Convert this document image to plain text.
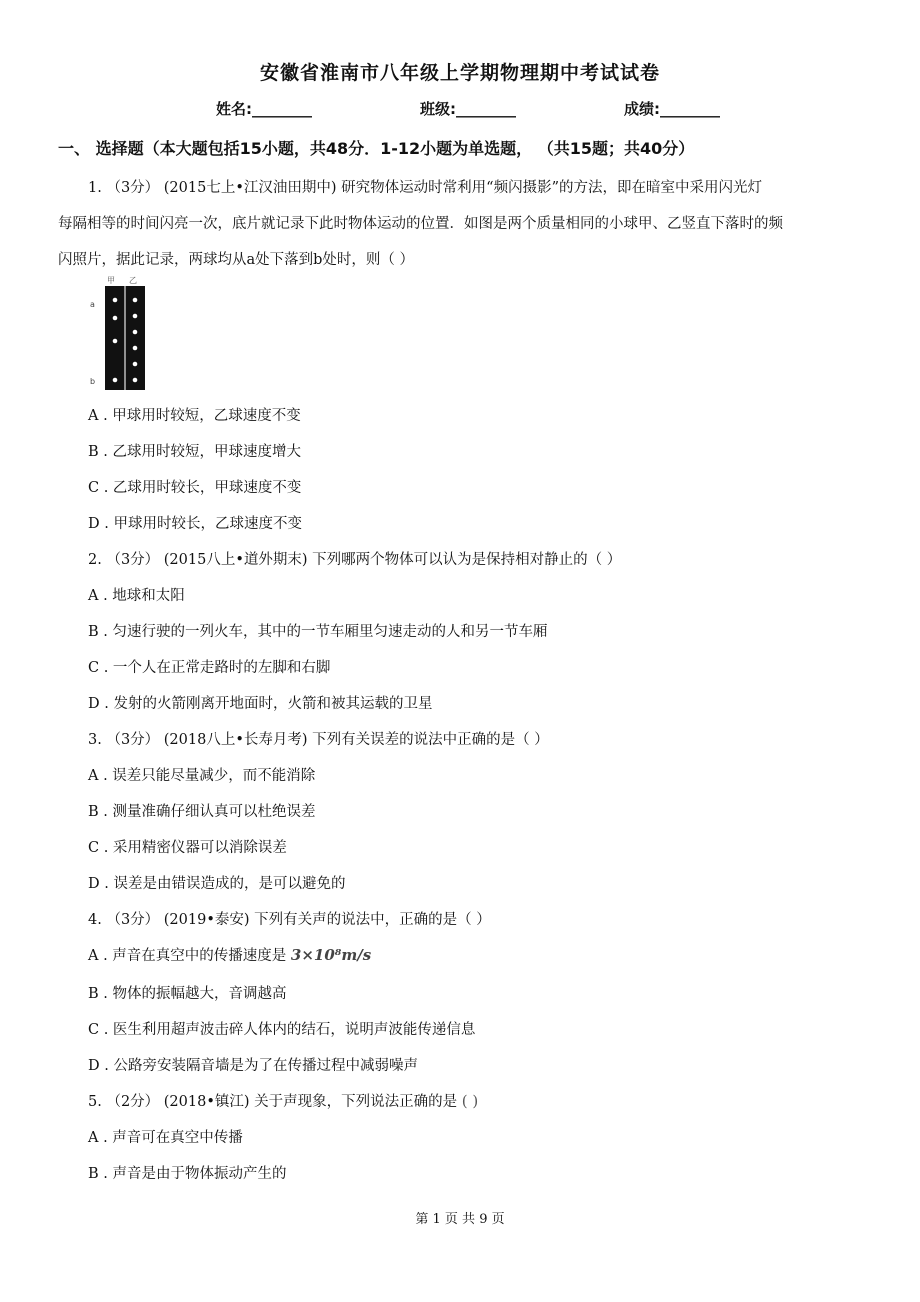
安徽省淮南市八年级上学期物理期中考试试卷
姓名:________	班级:________	成绩:________
一、 选择题（本大题包括15小题，共48分．1-12小题为单选题， （共15题；共40分）
1. （3分） (2015七上•江汉油田期中) 研究物体运动时常利用“频闪摄影”的方法，即在暗室中采用闪光灯
每隔相等的时间闪亮一次，底片就记录下此时物体运动的位置．如图是两个质量相同的小球甲、乙竖直下落时的频
闪照片，据此记录，两球均从a处下落到b处时，则（ ）
甲 乙
a
b
A . 甲球用时较短，乙球速度不变
B . 乙球用时较短，甲球速度增大
C . 乙球用时较长，甲球速度不变
D . 甲球用时较长，乙球速度不变
2. （3分） (2015八上•道外期末) 下列哪两个物体可以认为是保持相对静止的（ ）
A . 地球和太阳
B . 匀速行驶的一列火车，其中的一节车厢里匀速走动的人和另一节车厢
C . 一个人在正常走路时的左脚和右脚
D . 发射的火箭刚离开地面时，火箭和被其运载的卫星
3. （3分） (2018八上•长寿月考) 下列有关误差的说法中正确的是（ ）
A . 误差只能尽量减少，而不能消除
B . 测量准确仔细认真可以杜绝误差
C . 采用精密仪器可以消除误差
D . 误差是由错误造成的，是可以避免的
4. （3分） (2019•泰安) 下列有关声的说法中，正确的是（ ）
A . 声音在真空中的传播速度是 3×10⁸m/s
B . 物体的振幅越大，音调越高
C . 医生利用超声波击碎人体内的结石，说明声波能传递信息
D . 公路旁安装隔音墙是为了在传播过程中减弱噪声
5. （2分） (2018•镇江) 关于声现象，下列说法正确的是 ( )
A . 声音可在真空中传播
B . 声音是由于物体振动产生的
第 1 页 共 9 页
